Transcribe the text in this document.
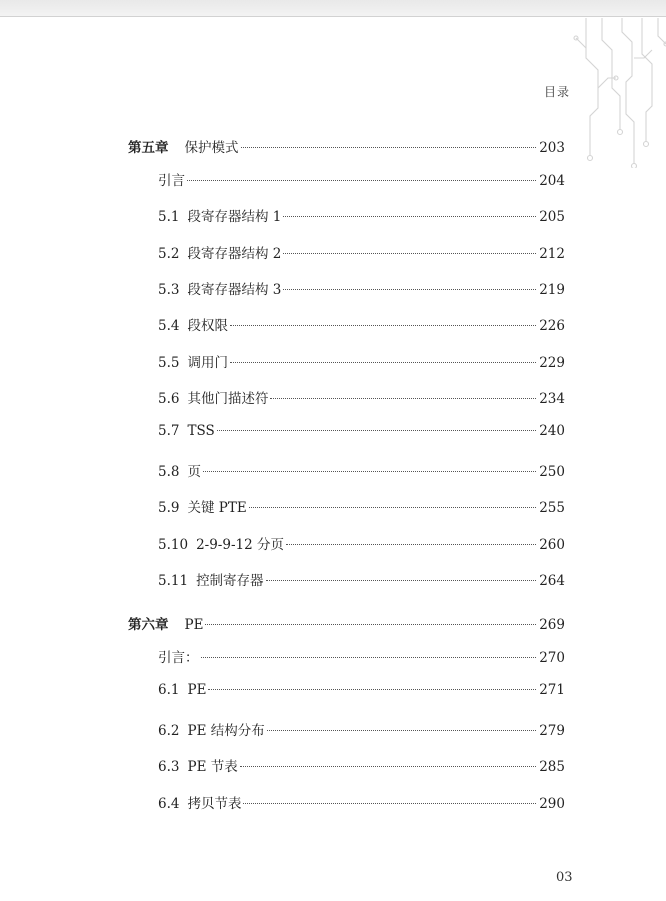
目录
第五章 保护模式	203
引言	204
5.1 段寄存器结构 1	205
5.2 段寄存器结构 2	212
5.3 段寄存器结构 3	219
5.4 段权限	226
5.5 调用门	229
5.6 其他门描述符	234
5.7 TSS	240
5.8 页	250
5.9 关键 PTE	255
5.10 2-9-9-12 分页	260
5.11 控制寄存器	264
第六章 PE	269
引言：	270
6.1 PE	271
6.2 PE 结构分布	279
6.3 PE 节表	285
6.4 拷贝节表	290
03
